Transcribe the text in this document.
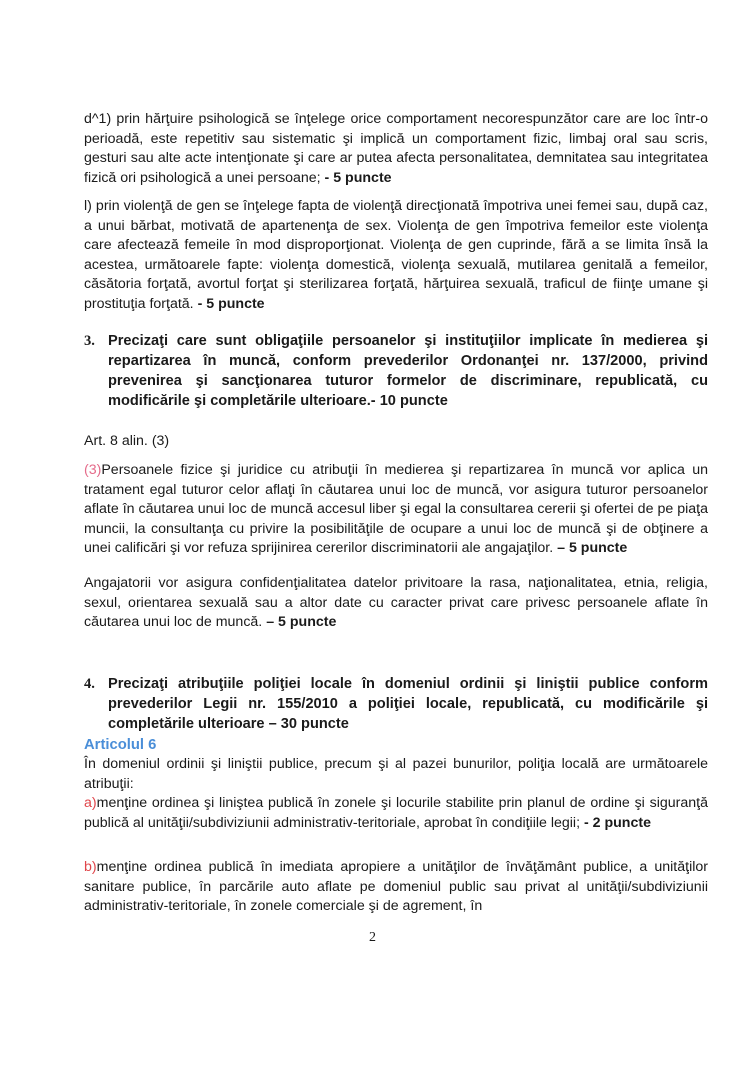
d^1) prin hărţuire psihologică se înţelege orice comportament necorespunzător care are loc într-o perioadă, este repetitiv sau sistematic şi implică un comportament fizic, limbaj oral sau scris, gesturi sau alte acte intenţionate şi care ar putea afecta personalitatea, demnitatea sau integritatea fizică ori psihologică a unei persoane; - 5 puncte

l) prin violenţă de gen se înţelege fapta de violenţă direcţionată împotriva unei femei sau, după caz, a unui bărbat, motivată de apartenenţa de sex. Violenţa de gen împotriva femeilor este violenţa care afectează femeile în mod disproporţionat. Violenţa de gen cuprinde, fără a se limita însă la acestea, următoarele fapte: violenţa domestică, violenţa sexuală, mutilarea genitală a femeilor, căsătoria forţată, avortul forţat şi sterilizarea forţată, hărţuirea sexuală, traficul de fiinţe umane şi prostituţia forţată. - 5 puncte

3. Precizaţi care sunt obligaţiile persoanelor şi instituţiilor implicate în medierea şi repartizarea în muncă, conform prevederilor Ordonanţei nr. 137/2000, privind prevenirea şi sancţionarea tuturor formelor de discriminare, republicată, cu modificările şi completările ulterioare.- 10 puncte

Art. 8 alin. (3)

(3)Persoanele fizice şi juridice cu atribuţii în medierea şi repartizarea în muncă vor aplica un tratament egal tuturor celor aflaţi în căutarea unui loc de muncă, vor asigura tuturor persoanelor aflate în căutarea unui loc de muncă accesul liber şi egal la consultarea cererii şi ofertei de pe piaţa muncii, la consultanţa cu privire la posibilităţile de ocupare a unui loc de muncă şi de obţinere a unei calificări şi vor refuza sprijinirea cererilor discriminatorii ale angajaţilor. – 5 puncte

Angajatorii vor asigura confidenţialitatea datelor privitoare la rasa, naţionalitatea, etnia, religia, sexul, orientarea sexuală sau a altor date cu caracter privat care privesc persoanele aflate în căutarea unui loc de muncă. – 5 puncte

4. Precizaţi atribuţiile poliţiei locale în domeniul ordinii şi liniştii publice conform prevederilor Legii nr. 155/2010 a poliţiei locale, republicată, cu modificările şi completările ulterioare – 30 puncte
Articolul 6

În domeniul ordinii şi liniştii publice, precum şi al pazei bunurilor, poliţia locală are următoarele atribuţii:

a)menţine ordinea şi liniştea publică în zonele şi locurile stabilite prin planul de ordine şi siguranţă publică al unităţii/subdiviziunii administrativ-teritoriale, aprobat în condiţiile legii; - 2 puncte

b)menţine ordinea publică în imediata apropiere a unităţilor de învăţământ publice, a unităţilor sanitare publice, în parcările auto aflate pe domeniul public sau privat al unităţii/subdiviziunii administrativ-teritoriale, în zonele comerciale şi de agrement, în

2
